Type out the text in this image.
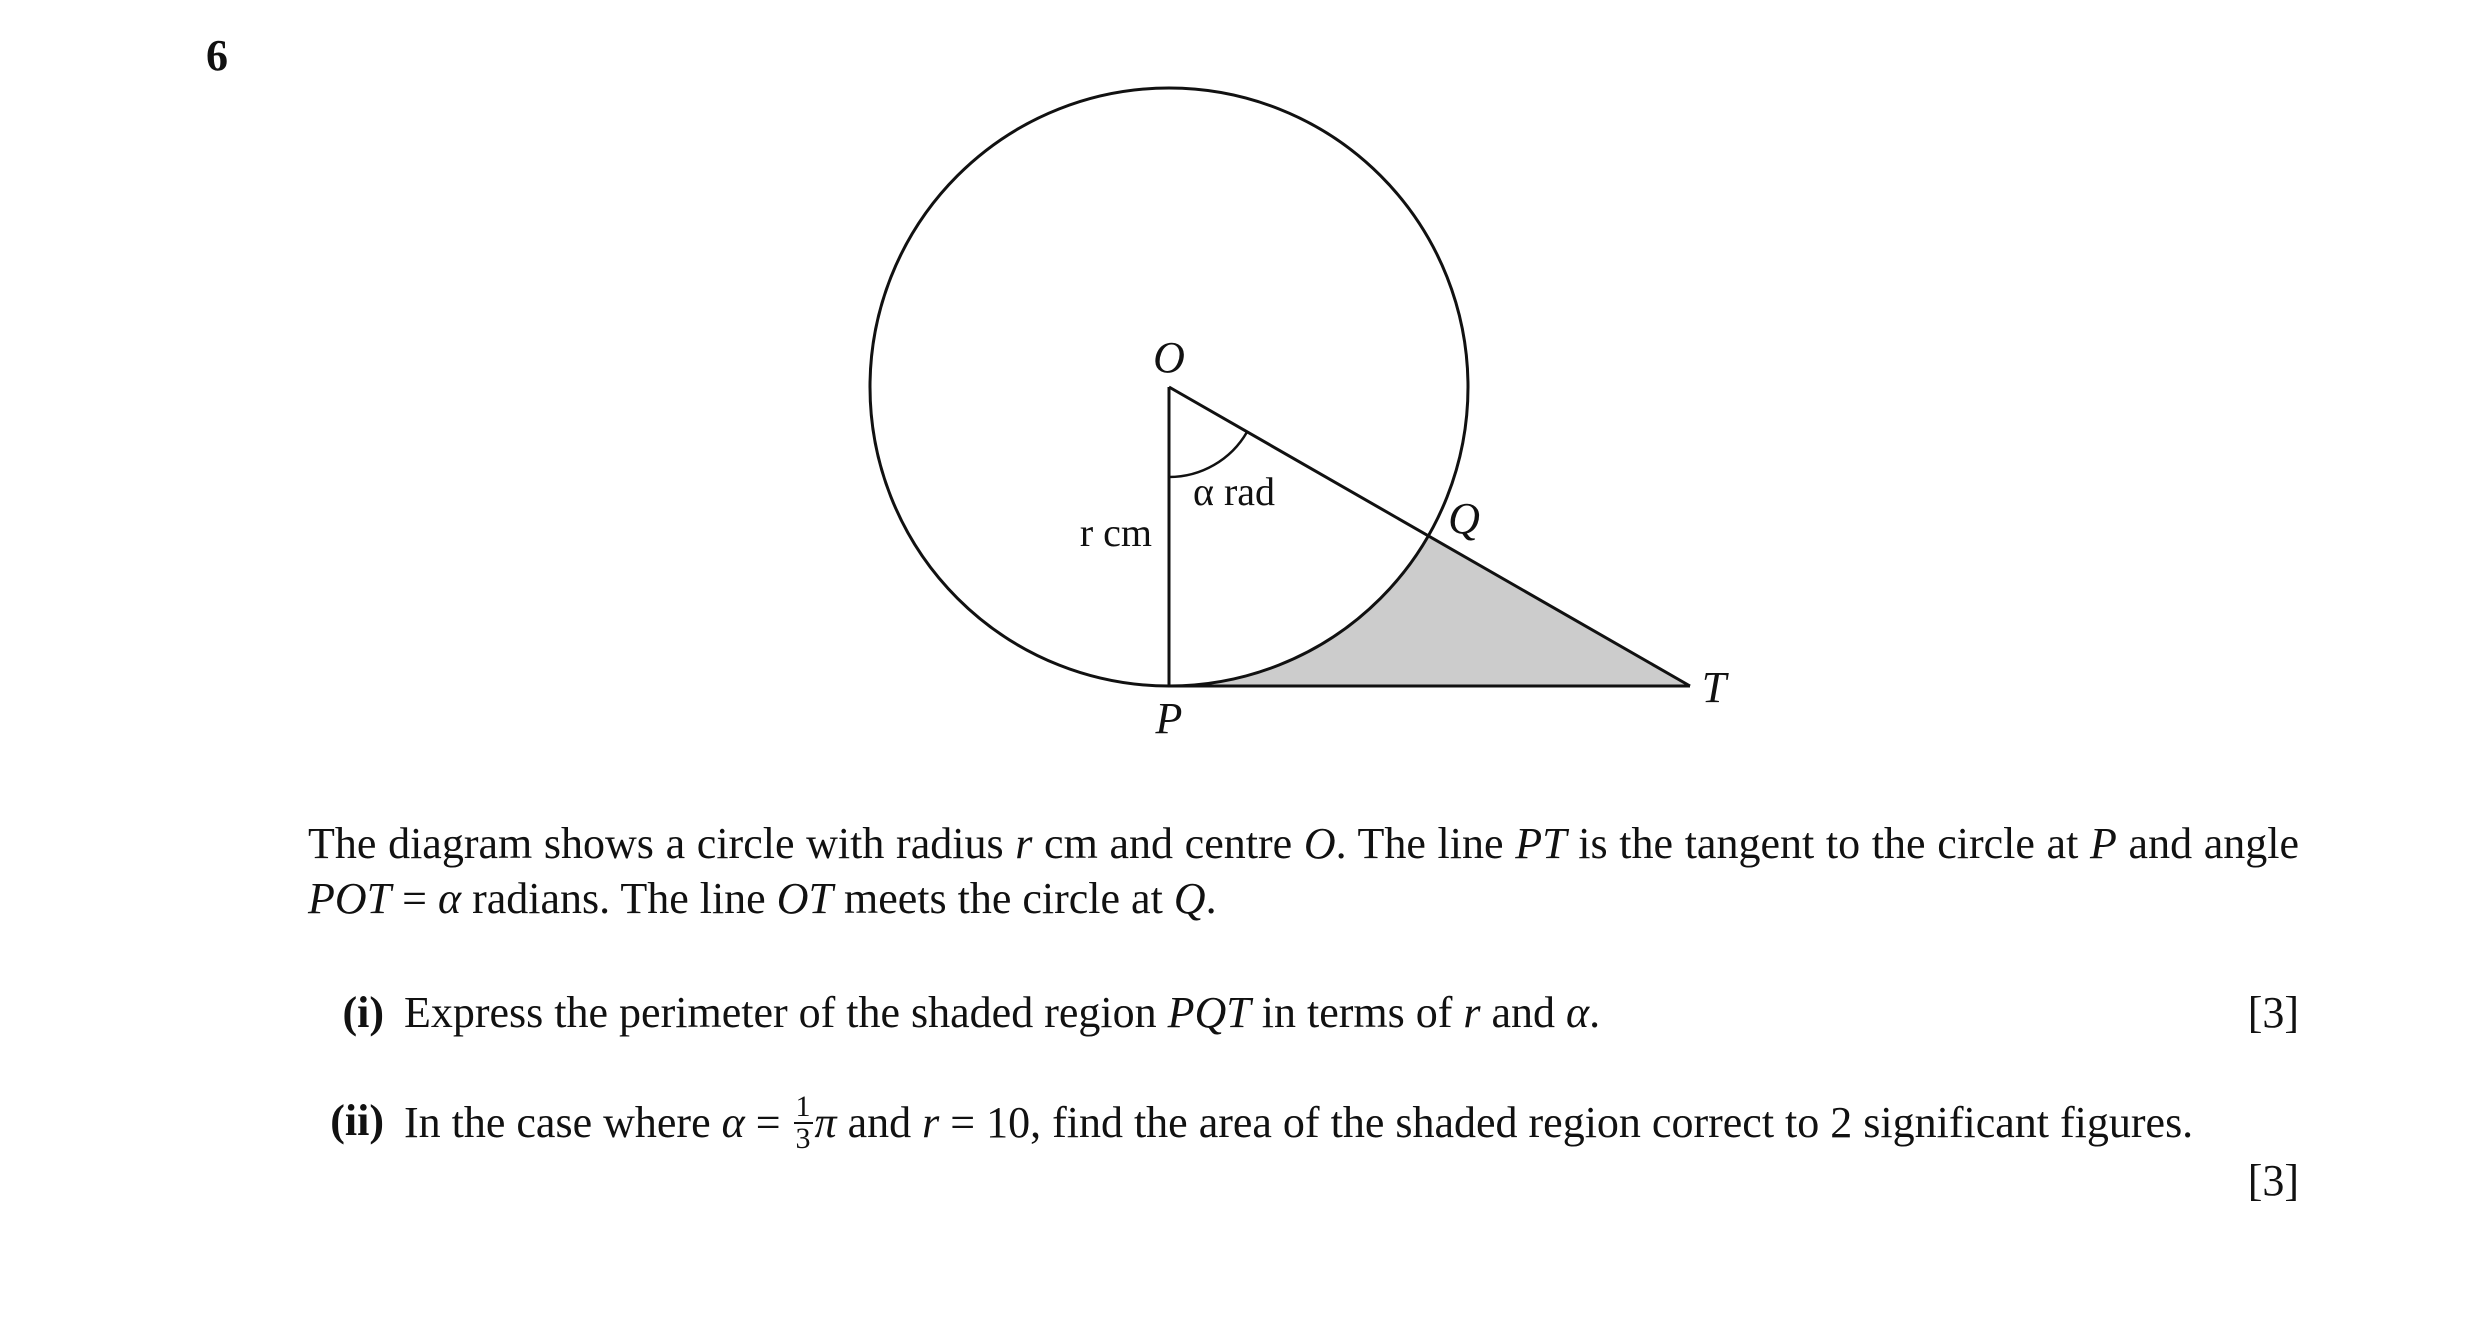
6
O
P
Q
T
α rad
r cm
The diagram shows a circle with radius r cm and centre O. The line PT is the tangent to the circle at P and angle POT = α radians. The line OT meets the circle at Q.
(i) Express the perimeter of the shaded region PQT in terms of r and α.	[3]
(ii) In the case where $\alpha = \frac{1}{3}$ π and r = 10, find the area of the shaded region correct to 2 significant figures.
[3]
